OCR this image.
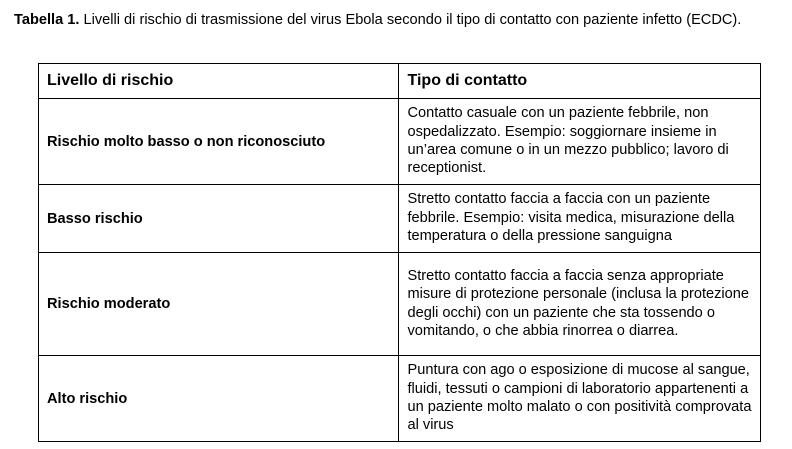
Tabella 1. Livelli di rischio di trasmissione del virus Ebola secondo il tipo di contatto con paziente infetto (ECDC).
Livello di rischio	Tipo di contatto
Rischio molto basso o non riconosciuto	Contatto casuale con un paziente febbrile, non ospedalizzato. Esempio: soggiornare insieme in un’area comune o in un mezzo pubblico; lavoro di receptionist.
Basso rischio	Stretto contatto faccia a faccia con un paziente febbrile. Esempio: visita medica, misurazione della temperatura o della pressione sanguigna
Rischio moderato	Stretto contatto faccia a faccia senza appropriate misure di protezione personale (inclusa la protezione degli occhi) con un paziente che sta tossendo o vomitando, o che abbia rinorrea o diarrea.
Alto rischio	Puntura con ago o esposizione di mucose al sangue, fluidi, tessuti o campioni di laboratorio appartenenti a un paziente molto malato o con positività comprovata al virus
